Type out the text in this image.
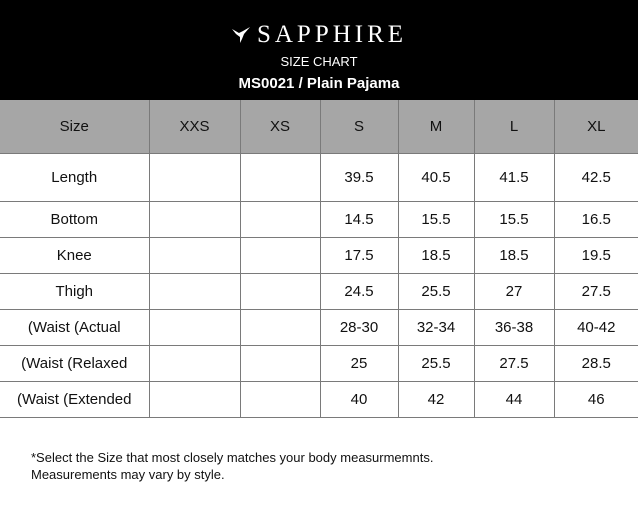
SAPPHIRE
SIZE CHART
MS0021 / Plain Pajama
Size	XXS	XS	S	M	L	XL
Length			39.5	40.5	41.5	42.5
Bottom			14.5	15.5	15.5	16.5
Knee			17.5	18.5	18.5	19.5
Thigh			24.5	25.5	27	27.5
(Waist (Actual			28-30	32-34	36-38	40-42
(Waist (Relaxed			25	25.5	27.5	28.5
(Waist (Extended			40	42	44	46
*Select the Size that most closely matches your body measurmemnts.
Measurements may vary by style.
